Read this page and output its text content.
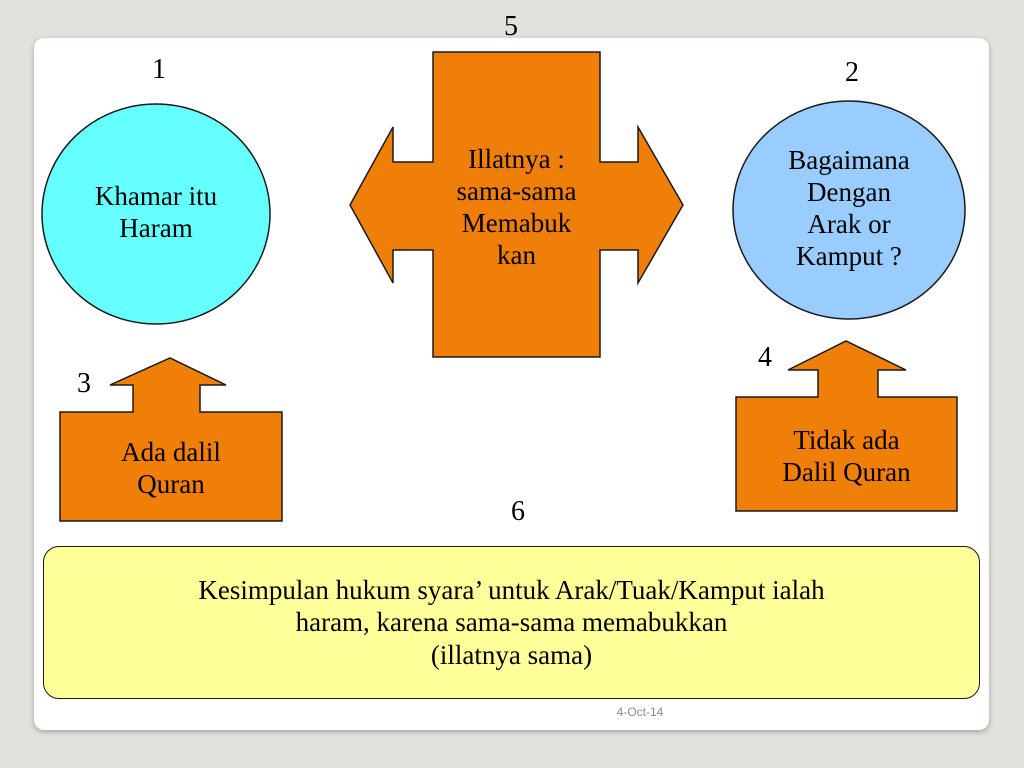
5
1	2
4
3
6
Khamar itu
Haram
Illatnya :
sama-sama
Memabuk
kan
Bagaimana
Dengan
Arak or
Kamput ?
Ada dalil
Quran
Tidak ada
Dalil Quran
Kesimpulan hukum syara’ untuk Arak/Tuak/Kamput ialah
haram, karena sama-sama memabukkan
(illatnya sama)
4-Oct-14
